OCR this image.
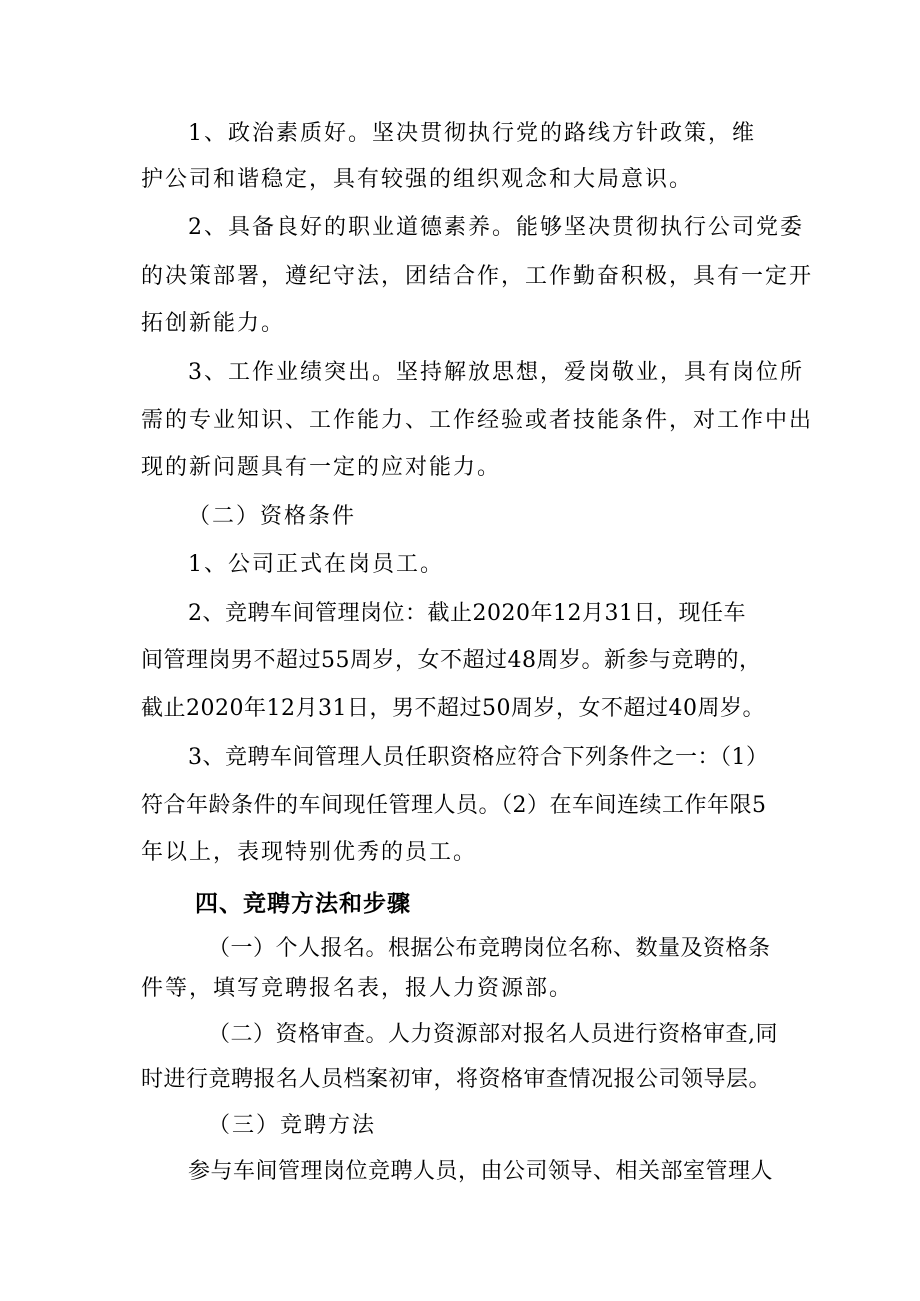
1、政治素质好。坚决贯彻执行党的路线方针政策，维
护公司和谐稳定，具有较强的组织观念和大局意识。
2、具备良好的职业道德素养。能够坚决贯彻执行公司党委
的决策部署，遵纪守法，团结合作，工作勤奋积极，具有一定开
拓创新能力。
3、工作业绩突出。坚持解放思想，爱岗敬业，具有岗位所
需的专业知识、工作能力、工作经验或者技能条件，对工作中出
现的新问题具有一定的应对能力。
（二）资格条件
1、公司正式在岗员工。
2、竞聘车间管理岗位：截止2020年12月31日，现任车
间管理岗男不超过55周岁，女不超过48周岁。新参与竞聘的，
截止2020年12月31日，男不超过50周岁，女不超过40周岁。
3、竞聘车间管理人员任职资格应符合下列条件之一：（1）
符合年龄条件的车间现任管理人员。（2）在车间连续工作年限5
年以上，表现特别优秀的员工。
四、竞聘方法和步骤
（一）个人报名。根据公布竞聘岗位名称、数量及资格条
件等，填写竞聘报名表，报人力资源部。
（二）资格审查。人力资源部对报名人员进行资格审查,同
时进行竞聘报名人员档案初审，将资格审查情况报公司领导层。
（三）竞聘方法
参与车间管理岗位竞聘人员，由公司领导、相关部室管理人
